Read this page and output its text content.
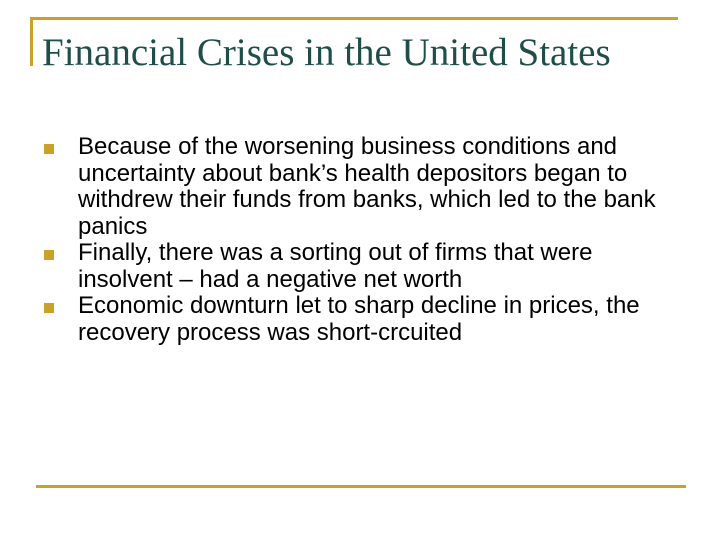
Financial Crises in the United States
Because of the worsening business conditions and uncertainty about bank’s health depositors began to withdrew their funds from banks, which led to the bank panics
Finally, there was a sorting out of firms that were insolvent – had a negative net worth
Economic downturn let to sharp decline in prices, the recovery process was short-crcuited
